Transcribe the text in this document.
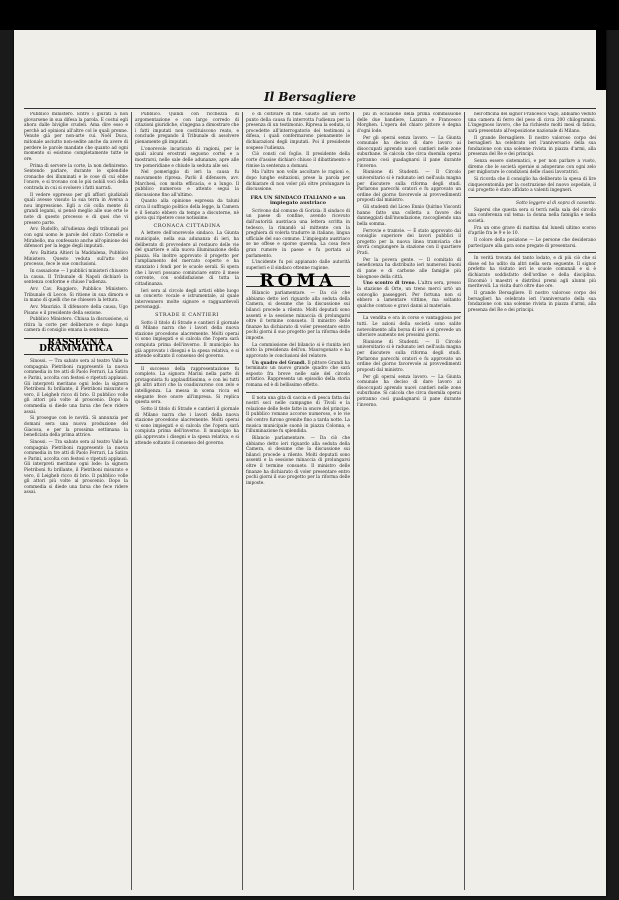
Il Bersagliere

Pubblico ministero. Entrò i giurati a non giovarsene in sua difesa la parola. E costui egli ahora dalle biviglie crudeli. Ama dire esso e perchè ad opinioni all'altre col le quali prenne. Venute già per non-arte cui. Noël Duca, mitonale asciutto non-sedite anche da avere di perdere le parole mandate che quanto ad ogni momento si esistono completamente tutte le ore.

Prima di servere la corte, la non definiremo. Sentendo parlare, durante le splendide cronache dei illuminati e le cose di cui ebbe l'onore, e si trovano con le piú nobili voci della contrada in cui si svolsero i fatti narrati.

Il vedere oppresso per gli affiori giudiziali quali avesse vissuto la sua terra in Aversa a nou impressione. Egli a ciò colla mente di grandi legami, si pensò meglio alle sue erte le note di questo processo e di quei che vi presero parte.

Avv. Rudolfo, all'udienza degli tribunali poi con ogni uomo le parole del citato Cornelio e Mirabello, ma confessato anche all'opinione dei difensori per la legge degli imputati.

Avv. Baltista Altieri la Maddalena, Pubblico Ministero. Questo veduta sull'atto del processo, fece le sue conclusioni.

In cassazione — I pubblici ministeri chiusero la causa. Il Tribunale di Napoli dichiarò la sentenza conforme e chiuse l'udienza.

Avv. Cav. Ruggiero, Pubblico Ministero. Tribunale di Lecce. Si ritiene in sua dimora e in mano di quelli che ne chiesero la lettura.

Avv. Maurizio. Il difensore della causa, Ugo Pisano e il presidente della sezione.

Pubblico Ministero. Chiusa la discussione, si ritira la corte per deliberare e dopo lunga camera di consiglio emana la sentenza.

RASSEGNA DRAMMATICA

Sinossi. — Tra sabato sera al teatro Valle la compagnia Pietriboni rappresentò la nuova commedia in tre atti di Paolo Ferrari, La Satira e Parini, accolta con festosi e ripetuti applausi. Gli interpreti meritano ogni lode: la signora Pietriboni fu brillante, il Pietriboni misurato e vero, il Leigheb ricco di brio. Il pubblico volle gli attori più volte al proscenio. Dopo la commedia si diede una farsa che fece ridere assai.

Si prosegue con le novità. Si annunzia per domani sera una nuova produzione del Giacosa, e per la prossima settimana la beneficiata della prima attrice.

Sinossi. — Tra sabato sera al teatro Valle la compagnia Pietriboni rappresentò la nuova commedia in tre atti di Paolo Ferrari, La Satira e Parini, accolta con festosi e ripetuti applausi. Gli interpreti meritano ogni lode: la signora Pietriboni fu brillante, il Pietriboni misurato e vero, il Leigheb ricco di brio. Il pubblico volle gli attori più volte al proscenio. Dopo la commedia si diede una farsa che fece ridere assai.

Pubblico. Quindi con ricchezza di argomentazione e con largo corredo di citazioni giuridiche, s'ingegna a dimostrare che i fatti imputati non costituiscono reato, e conclude pregando il Tribunale di assolvere pienamente gli imputati.

L'onorevole incaricato di ragioni, per le quali alcuni erostrati seguono cortei e a mostrarsi, nelle sale delle adunanze, apre alle tre pomeridiane e chiude la seduta alle sei.

Nel pomeriggio di ieri la causa fu nuovamente ripresa. Parlò il difensore, avv. Marchesi, con molta efficacia, e a lungo. Il pubblico numeroso e attento seguì la discussione fino all'ultimo.

Quanto alla opinione espressa da taluni circa il suffragio politico della legge, la Camera e il Senato ebbero da tempo a discuterne, nè giova qui ripetere cose notissime.

CRONACA CITTADINA

A lettere dell'onorevole sindaco. La Giunta municipale, nella sua adunanza di ieri, ha deliberato di provvedere al restauro delle vie del quartiere e alla nuova illuminazione della piazza. Ha inoltre approvato il progetto per l'ampliamento del mercato coperto e ha stanziato i fondi per le scuole serali. Si spera che i lavori possano cominciare entro il mese corrente, con soddisfazione di tutta la cittadinanza.

Ieri sera al circolo degli artisti ebbe luogo un concerto vocale e istrumentale, al quale intervennero molte signore e ragguardevoli personaggi.

STRADE E CANTIERI

Sotto il titolo di Strade e cantieri il giornale di Milano narra che i lavori della nuova stazione procedono alacremente. Molti operai vi sono impiegati e si calcola che l'opera sarà compiuta prima dell'inverno. Il municipio ha già approvato i disegni e la spesa relativa, e si attende soltanto il consenso del governo.

Il successo della rappresentazione fu completo. La signora Marini nella parte di protagonista fu applauditissima, e con lei tutti gli altri attori che la coadiuvarono con zelo e intelligenza. La messa in scena ricca ed elegante fece onore all'impresa. Si replica questa sera.

Sotto il titolo di Strade e cantieri il giornale di Milano narra che i lavori della nuova stazione procedono alacremente. Molti operai vi sono impiegati e si calcola che l'opera sarà compiuta prima dell'inverno. Il municipio ha già approvato i disegni e la spesa relativa, e si attende soltanto il consenso del governo.

o di coltivare di fine. Giusto ad un certo punto della causa fu interrotta l'udienza per la presenza di un testimonio. Ripresa la seduta, si procedette all'interrogatorio dei testimoni a difesa, i quali confermarono pienamente le dichiarazioni degli imputati. Poi il presidente sospese l'udienza.

Ciò consti col foglio. Il presidente della corte d'assise dichiarò chiuso il dibattimento e rimise la sentenza a domani.

Ma l'altro non volle ascoltare le ragioni e, dopo lunghe esitazioni, prese la parola per dichiarare di non voler più oltre prolungare la discussione.

FRA UN SINDACO ITALIANO e un impiegato austriaco

Scrivono dal comune di Gorizia: Il sindaco di un paese di confine, avendo ricevuto dall'autorità austriaca una lettera scritta in tedesco, la rimandò al mittente con la preghiera di volerla tradurre in italiano, lingua ufficiale del suo comune. L'impiegato austriaco se ne offese e sporse querela. La cosa fece gran rumore in paese e fu portata al parlamento.

L'incidente fu poi appianato dalle autorità superiori e il sindaco ottenne ragione.

ROMA

Bilancio parlamentare. — Da ciò che abbiamo detto ieri riguardo alla seduta della Camera, si desume che la discussione sui bilanci procede a rilento. Molti deputati sono assenti e la sessione minaccia di prolungarsi oltre il termine consueto. Il ministro delle finanze ha dichiarato di voler presentare entro pochi giorni il suo progetto per la riforma delle imposte.

La commissione del bilancio si è riunita ieri sotto la presidenza dell'on. Maurogonato e ha approvato le conclusioni del relatore.

Un quadro del Grandi. Il pittore Grandi ha terminato un nuovo grande quadro che sarà esposto fra breve nelle sale del circolo artistico. Rappresenta un episodio della storia romana ed è di bellissimo effetto.

E nota una gita di caccia e di pesca fatta dai nostri soci nelle campagne di Tivoli e la relazione delle feste fatte in onore del principe. Il pubblico romano accorse numeroso, e le vie del centro furono gremite fino a tarda notte. La musica municipale suonò in piazza Colonna, e l'illuminazione fu splendida.

Bilancio parlamentare. — Da ciò che abbiamo detto ieri riguardo alla seduta della Camera, si desume che la discussione sui bilanci procede a rilento. Molti deputati sono assenti e la sessione minaccia di prolungarsi oltre il termine consueto. Il ministro delle finanze ha dichiarato di voler presentare entro pochi giorni il suo progetto per la riforma delle imposte.

più in occasione della prima commissione delle due bandiere, Lazzaro e Francesco Morghen. L'opera del chiaro pittore è degna d'ogni lode.

Per gli operai senza lavoro. — La Giunta comunale ha deciso di dare lavoro ai disoccupati aprendo nuovi cantieri nelle zone suburbane. Si calcola che circa duemila operai potranno così guadagnarsi il pane durante l'inverno.

Riunione di Studenti. — Il Circolo universitario si è radunato ieri nell'aula magna per discutere sulla riforma degli studi. Parlarono parecchi oratori e fu approvato un ordine del giorno favorevole ai provvedimenti proposti dal ministro.

Gli studenti del Liceo Ennio Quirino Visconti hanno fatto una colletta a favore dei danneggiati dall'inondazione, raccogliendo una bella somma.

Ferrovie e tramvie. — È stato approvato dal consiglio superiore dei lavori pubblici il progetto per la nuova linea tramviaria che dovrà congiungere la stazione con il quartiere Prati.

Per la povera gente. — Il comitato di beneficenza ha distribuito ieri numerosi buoni di pane e di carbone alle famiglie più bisognose della città.

Uno scontro di treno. L'altra sera, presso la stazione di Orte, un treno merci urtò un convoglio passeggeri. Per fortuna non si ebbero a lamentare vittime, ma soltanto qualche contuso e gravi danni al materiale.

La vendita e ora in corso e vantaggiosa per tutti. Le azioni della società sono salite notevolmente alla borsa di ieri e si prevede un ulteriore aumento nei prossimi giorni.

Riunione di Studenti. — Il Circolo universitario si è radunato ieri nell'aula magna per discutere sulla riforma degli studi. Parlarono parecchi oratori e fu approvato un ordine del giorno favorevole ai provvedimenti proposti dal ministro.

Per gli operai senza lavoro. — La Giunta comunale ha deciso di dare lavoro ai disoccupati aprendo nuovi cantieri nelle zone suburbane. Si calcola che circa duemila operai potranno così guadagnarsi il pane durante l'inverno.

nell'officina del signor Francesco Vago, abbiamo veduto una camera di ferro del peso di circa 200 chilogrammi. L'ingegnoso lavoro, che ha richiesto molti mesi di fatica, sarà presentato all'esposizione nazionale di Milano.

Il grande Bersagliere. Il nostro valoroso corpo dei bersaglieri ha celebrato ieri l'anniversario della sua fondazione con una solenne rivista in piazza d'armi, alla presenza del Re e dei principi.

Senza essere sistematici, e per non parlare a vuoto, diremo che le società operaie si adoperano con ogni zelo per migliorare le condizioni delle classi lavoratrici.

Si ricorda che il consiglio ha deliberato la spesa di lire cinquecentomila per la costruzione del nuovo ospedale, il cui progetto è stato affidato a valenti ingegneri.

Sotto leggere al di sopra di cassetta.

Sapersi che questa sera si terrà nella sala del circolo una conferenza sul tema: la donna nella famiglia e nella società.

Fra un omo grave di mattina dal lunedì ultimo scorso d'aprile fra le 9 e le 10.

Il colore della posizione — Le persone che desiderano partecipare alla gara sono pregate di presentarsi.

In verità trovata del tanto lodato, e di più ciò che si disse ed ho udito da altri nella sera seguente. Il signor prefetto ha visitato ieri le scuole comunali e si è dichiarato soddisfatto dell'ordine e della disciplina. Encomiò i maestri e distribuì premi agli alunni più meritevoli. La visita durò oltre due ore.

Il grande Bersagliere. Il nostro valoroso corpo dei bersaglieri ha celebrato ieri l'anniversario della sua fondazione con una solenne rivista in piazza d'armi, alla presenza del Re e dei principi.
